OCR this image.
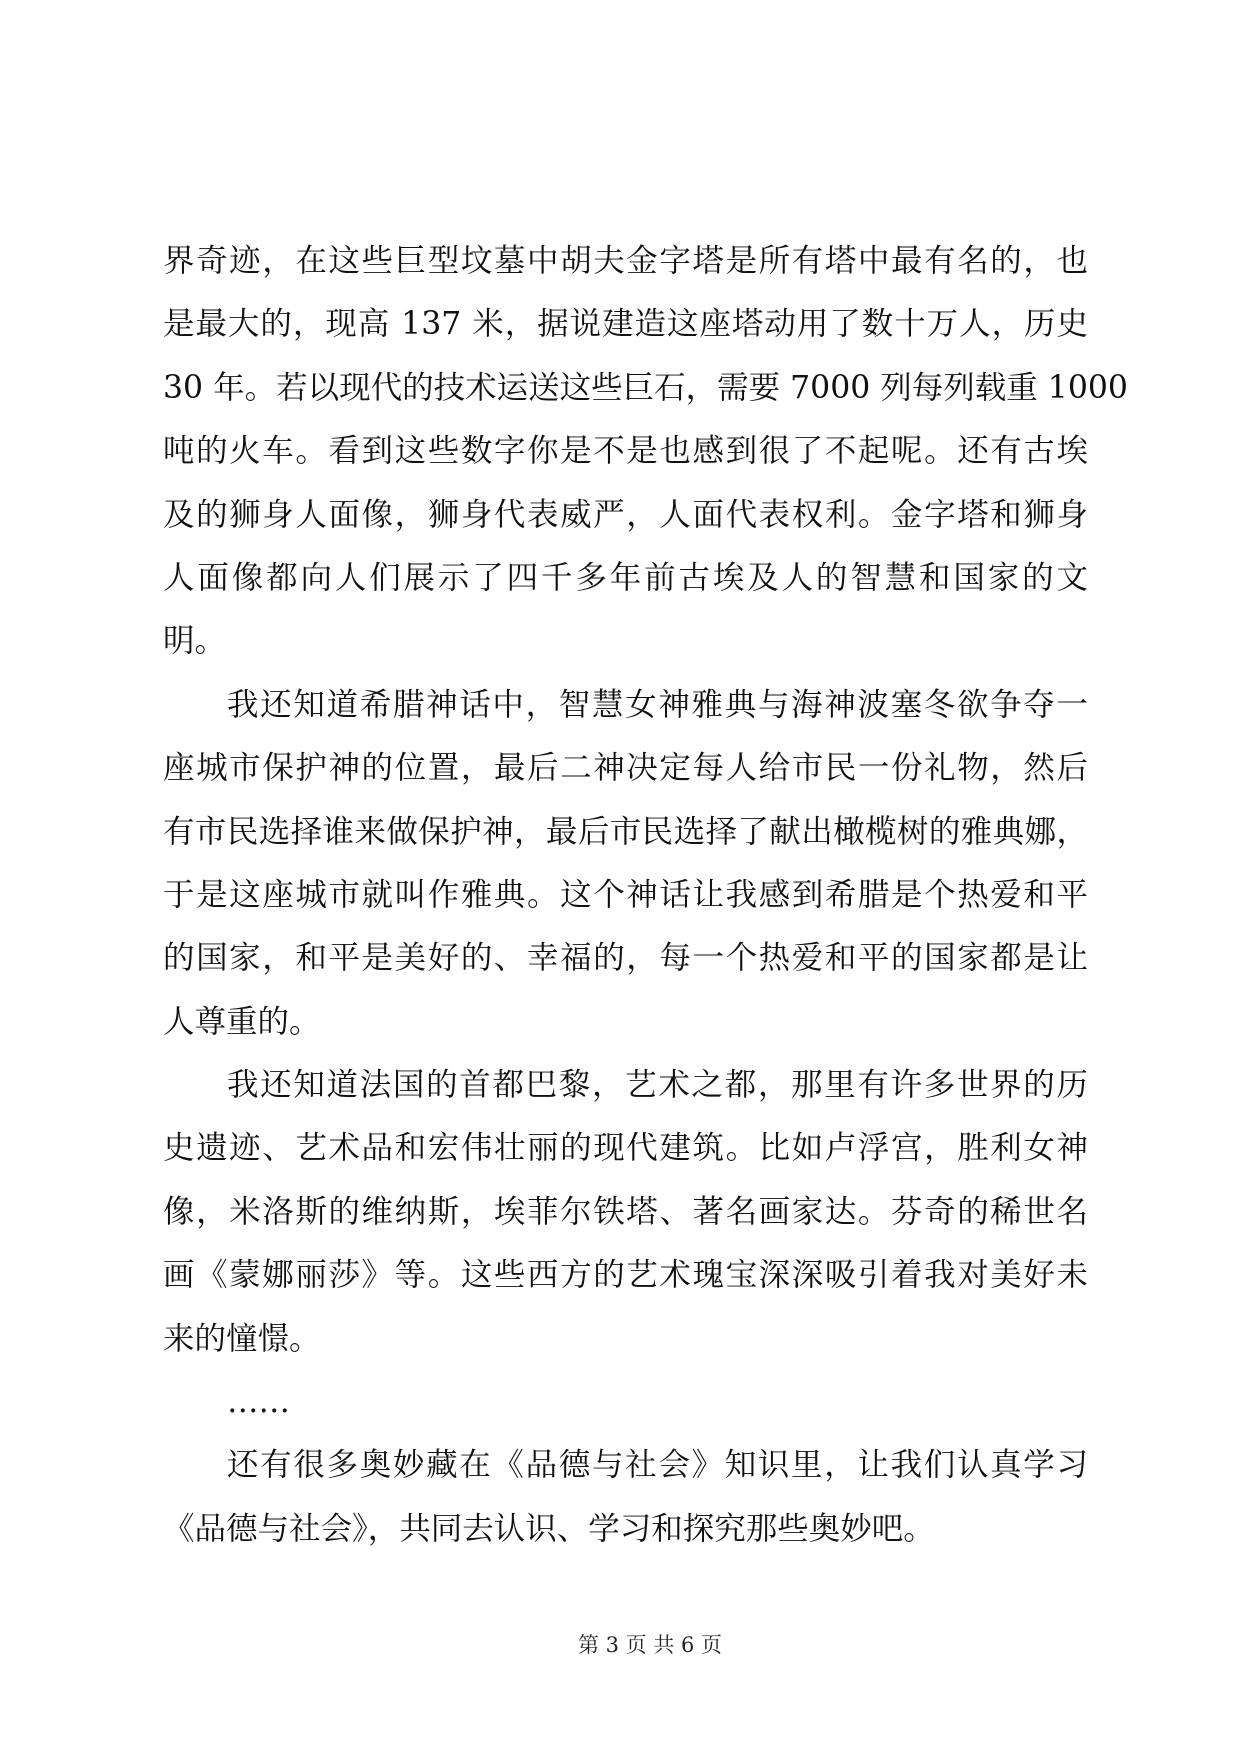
界奇迹，在这些巨型坟墓中胡夫金字塔是所有塔中最有名的，也
是最大的，现高 137 米，据说建造这座塔动用了数十万人，历史
30 年。若以现代的技术运送这些巨石，需要 7000 列每列载重 1000
吨的火车。看到这些数字你是不是也感到很了不起呢。还有古埃
及的狮身人面像，狮身代表威严，人面代表权利。金字塔和狮身
人面像都向人们展示了四千多年前古埃及人的智慧和国家的文
明。
我还知道希腊神话中，智慧女神雅典与海神波塞冬欲争夺一
座城市保护神的位置，最后二神决定每人给市民一份礼物，然后
有市民选择谁来做保护神，最后市民选择了献出橄榄树的雅典娜，
于是这座城市就叫作雅典。这个神话让我感到希腊是个热爱和平
的国家，和平是美好的、幸福的，每一个热爱和平的国家都是让
人尊重的。
我还知道法国的首都巴黎，艺术之都，那里有许多世界的历
史遗迹、艺术品和宏伟壮丽的现代建筑。比如卢浮宫，胜利女神
像，米洛斯的维纳斯，埃菲尔铁塔、著名画家达。芬奇的稀世名
画《蒙娜丽莎》等。这些西方的艺术瑰宝深深吸引着我对美好未
来的憧憬。
……
还有很多奥妙藏在《品德与社会》知识里，让我们认真学习
《品德与社会》，共同去认识、学习和探究那些奥妙吧。
第 3 页 共 6 页
